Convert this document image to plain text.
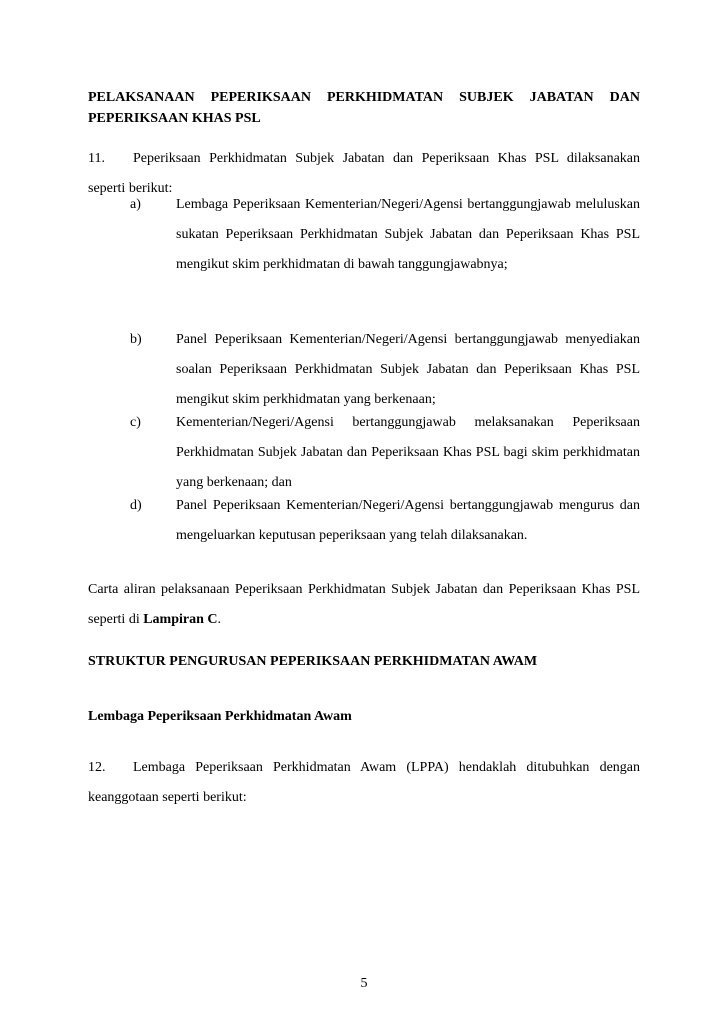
PELAKSANAAN PEPERIKSAAN PERKHIDMATAN SUBJEK JABATAN DAN PEPERIKSAAN KHAS PSL
11. Peperiksaan Perkhidmatan Subjek Jabatan dan Peperiksaan Khas PSL dilaksanakan seperti berikut:
a)	Lembaga Peperiksaan Kementerian/Negeri/Agensi bertanggungjawab meluluskan sukatan Peperiksaan Perkhidmatan Subjek Jabatan dan Peperiksaan Khas PSL mengikut skim perkhidmatan di bawah tanggungjawabnya;
b)	Panel Peperiksaan Kementerian/Negeri/Agensi bertanggungjawab menyediakan soalan Peperiksaan Perkhidmatan Subjek Jabatan dan Peperiksaan Khas PSL mengikut skim perkhidmatan yang berkenaan;
c)	Kementerian/Negeri/Agensi bertanggungjawab melaksanakan Peperiksaan Perkhidmatan Subjek Jabatan dan Peperiksaan Khas PSL bagi skim perkhidmatan yang berkenaan; dan
d)	Panel Peperiksaan Kementerian/Negeri/Agensi bertanggungjawab mengurus dan mengeluarkan keputusan peperiksaan yang telah dilaksanakan.
Carta aliran pelaksanaan Peperiksaan Perkhidmatan Subjek Jabatan dan Peperiksaan Khas PSL seperti di Lampiran C.
STRUKTUR PENGURUSAN PEPERIKSAAN PERKHIDMATAN AWAM
Lembaga Peperiksaan Perkhidmatan Awam
12. Lembaga Peperiksaan Perkhidmatan Awam (LPPA) hendaklah ditubuhkan dengan keanggotaan seperti berikut:
5
